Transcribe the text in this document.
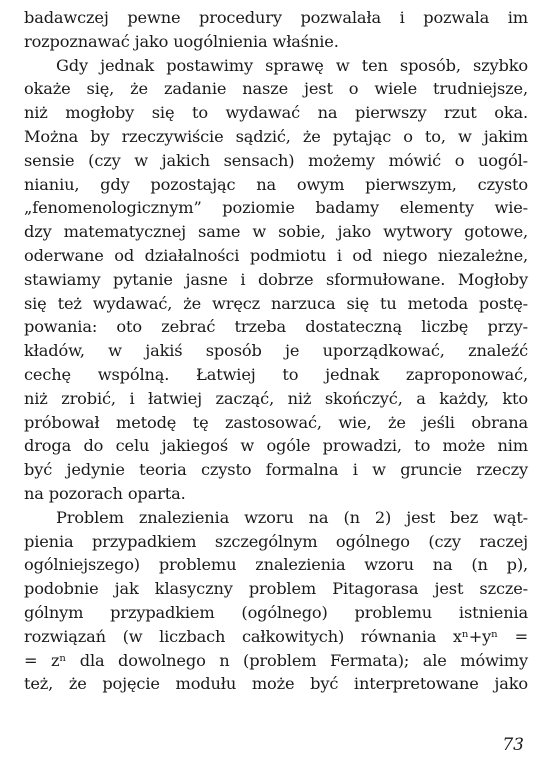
badawczej pewne procedury pozwalała i pozwala im
rozpoznawać jako uogólnienia właśnie.
Gdy jednak postawimy sprawę w ten sposób, szybko
okaże się, że zadanie nasze jest o wiele trudniejsze,
niż mogłoby się to wydawać na pierwszy rzut oka.
Można by rzeczywiście sądzić, że pytając o to, w jakim
sensie (czy w jakich sensach) możemy mówić o uogól-
nianiu, gdy pozostając na owym pierwszym, czysto
„fenomenologicznym” poziomie badamy elementy wie-
dzy matematycznej same w sobie, jako wytwory gotowe,
oderwane od działalności podmiotu i od niego niezależne,
stawiamy pytanie jasne i dobrze sformułowane. Mogłoby
się też wydawać, że wręcz narzuca się tu metoda postę-
powania: oto zebrać trzeba dostateczną liczbę przy-
kładów, w jakiś sposób je uporządkować, znaleźć
cechę wspólną. Łatwiej to jednak zaproponować,
niż zrobić, i łatwiej zacząć, niż skończyć, a każdy, kto
próbował metodę tę zastosować, wie, że jeśli obrana
droga do celu jakiegoś w ogóle prowadzi, to może nim
być jedynie teoria czysto formalna i w gruncie rzeczy
na pozorach oparta.
Problem znalezienia wzoru na (n 2) jest bez wąt-
pienia przypadkiem szczególnym ogólnego (czy raczej
ogólniejszego) problemu znalezienia wzoru na (n p),
podobnie jak klasyczny problem Pitagorasa jest szcze-
gólnym przypadkiem (ogólnego) problemu istnienia
rozwiązań (w liczbach całkowitych) równania xⁿ+yⁿ =
= zⁿ dla dowolnego n (problem Fermata); ale mówimy
też, że pojęcie modułu może być interpretowane jako
73
